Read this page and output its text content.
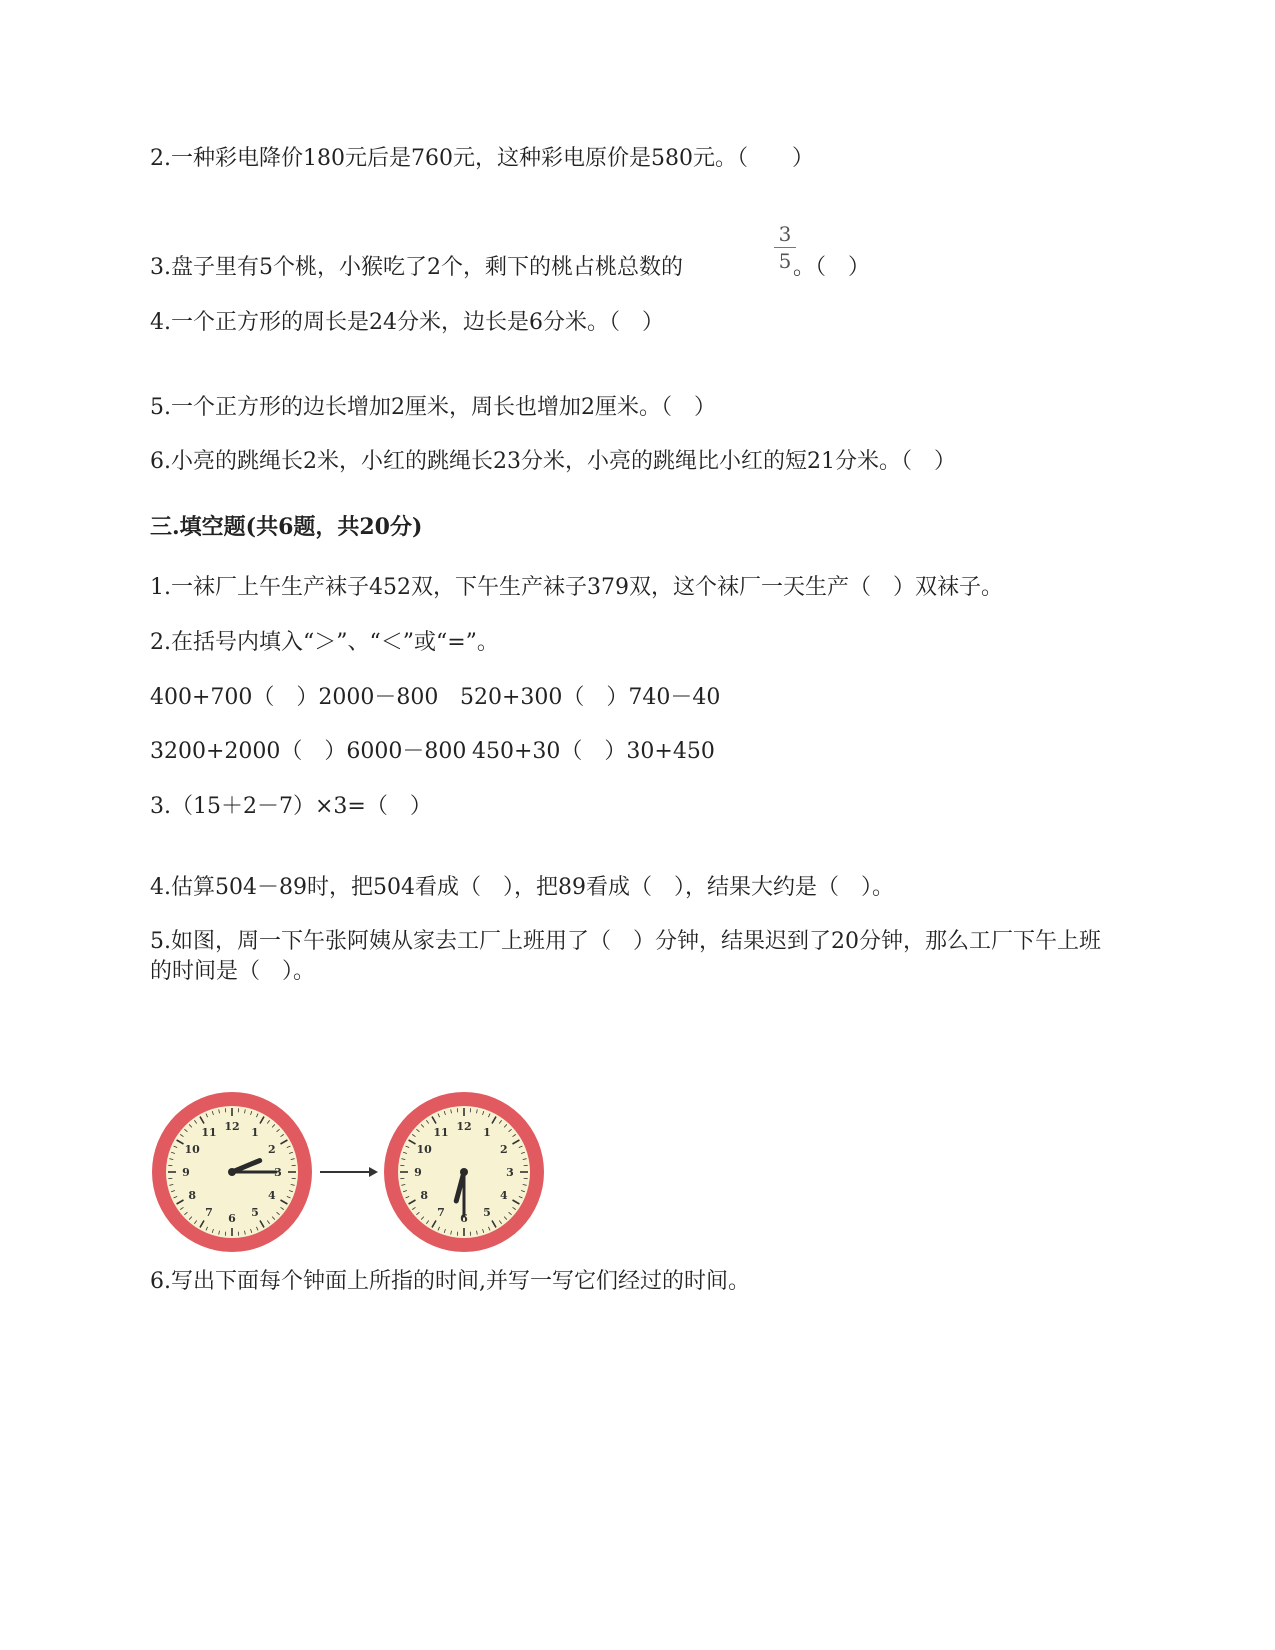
2.一种彩电降价180元后是760元，这种彩电原价是580元。（　　）
3.盘子里有5个桃，小猴吃了2个，剩下的桃占桃总数的	。（　）
3
5
4.一个正方形的周长是24分米，边长是6分米。（　）
5.一个正方形的边长增加2厘米，周长也增加2厘米。（　）
6.小亮的跳绳长2米，小红的跳绳长23分米，小亮的跳绳比小红的短21分米。（　）
三.填空题(共6题，共20分)
1.一袜厂上午生产袜子452双，下午生产袜子379双，这个袜厂一天生产（　）双袜子。
2.在括号内填入“＞”、“＜”或“=”。
400+700（　）2000－800 520+300（　）740－40
3200+2000（　）6000－800 450+30（　）30+450
3.（15＋2－7）×3=（　）
4.估算504－89时，把504看成（　），把89看成（　），结果大约是（　）。
5.如图，周一下午张阿姨从家去工厂上班用了（　）分钟，结果迟到了20分钟，那么工厂下午上班的时间是（　）。
12 1
2
3
4
5
6
7
8
9
10
11	12 1
2
3
4
5
6
7
8
9
10
11
6.写出下面每个钟面上所指的时间,并写一写它们经过的时间。
